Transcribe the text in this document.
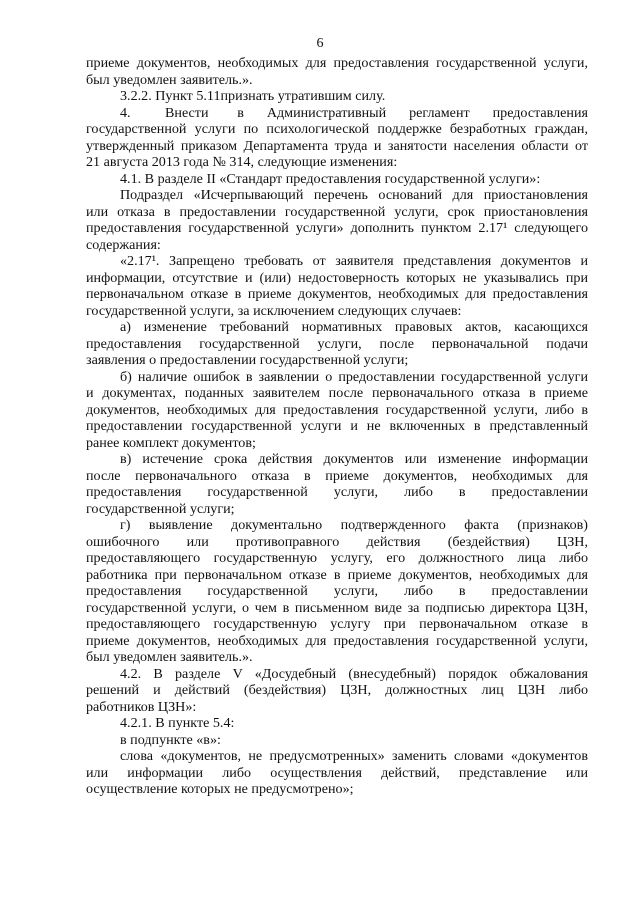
6
приеме документов, необходимых для предоставления государственной услуги,
был уведомлен заявитель.».
3.2.2. Пункт 5.11признать утратившим силу.
4.      Внести     в    Административный    регламент    предоставления
государственной услуги по психологической поддержке безработных граждан,
утвержденный приказом Департамента труда и занятости населения области от
21 августа 2013 года № 314, следующие изменения:
4.1. В разделе II «Стандарт предоставления государственной услуги»:
Подраздел «Исчерпывающий перечень оснований для приостановления
или отказа в предоставлении государственной услуги, срок приостановления
предоставления государственной услуги» дополнить пунктом 2.17¹ следующего
содержания:
«2.17¹. Запрещено требовать от заявителя представления документов и
информации, отсутствие и (или) недостоверность которых не указывались при
первоначальном отказе в приеме документов, необходимых для предоставления
государственной услуги, за исключением следующих случаев:
а) изменение требований нормативных правовых актов, касающихся
предоставления    государственной    услуги,    после    первоначальной    подачи
заявления о предоставлении государственной услуги;
б) наличие ошибок в заявлении о предоставлении государственной услуги
и документах, поданных заявителем после первоначального отказа в приеме
документов, необходимых для предоставления государственной услуги, либо в
предоставлении государственной услуги и не включенных в представленный
ранее комплект документов;
в) истечение срока действия документов или изменение информации
после первоначального отказа в приеме документов, необходимых для
предоставления      государственной      услуги,      либо      в      предоставлении
государственной услуги;
г) выявление документально подтвержденного факта (признаков)
ошибочного      или      противоправного      действия      (бездействия)      ЦЗН,
предоставляющего государственную услугу, его должностного лица либо
работника при первоначальном отказе в приеме документов, необходимых для
предоставления      государственной      услуги,      либо      в      предоставлении
государственной услуги, о чем в письменном виде за подписью директора ЦЗН,
предоставляющего государственную услугу при первоначальном отказе в
приеме документов, необходимых для предоставления государственной услуги,
был уведомлен заявитель.».
4.2. В разделе V «Досудебный (внесудебный) порядок обжалования
решений и действий (бездействия) ЦЗН, должностных лиц ЦЗН либо
работников ЦЗН»:
4.2.1. В пункте 5.4:
в подпункте «в»:
слова «документов, не предусмотренных» заменить словами «документов
или     информации     либо     осуществления     действий,     представление     или
осуществление которых не предусмотрено»;
